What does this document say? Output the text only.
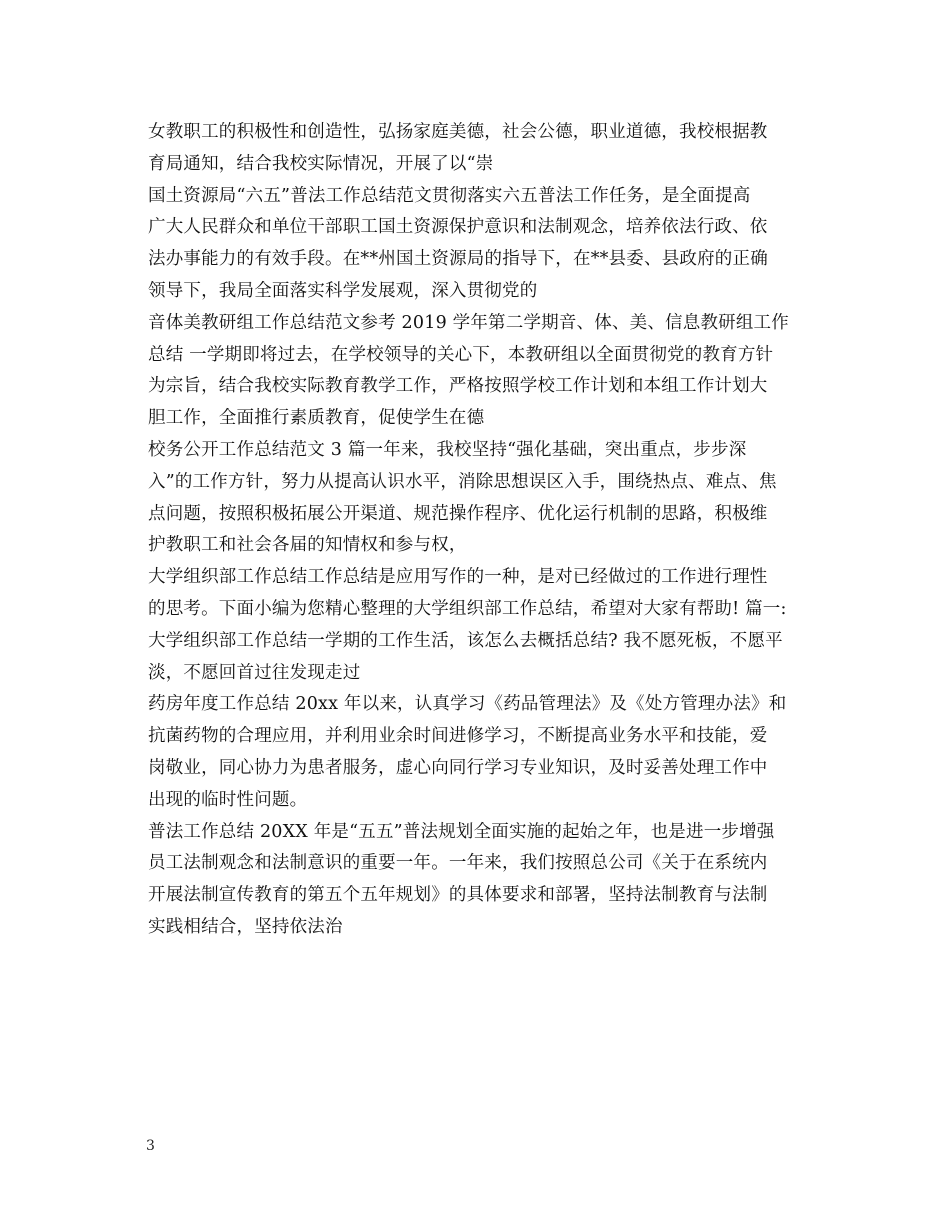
女教职工的积极性和创造性，弘扬家庭美德，社会公德，职业道德，我校根据教
育局通知，结合我校实际情况，开展了以“崇
国土资源局“六五”普法工作总结范文贯彻落实六五普法工作任务，是全面提高
广大人民群众和单位干部职工国土资源保护意识和法制观念，培养依法行政、依
法办事能力的有效手段。在**州国土资源局的指导下，在**县委、县政府的正确
领导下，我局全面落实科学发展观，深入贯彻党的
音体美教研组工作总结范文参考 2019 学年第二学期音、体、美、信息教研组工作
总结 一学期即将过去，在学校领导的关心下，本教研组以全面贯彻党的教育方针
为宗旨，结合我校实际教育教学工作，严格按照学校工作计划和本组工作计划大
胆工作，全面推行素质教育，促使学生在德
校务公开工作总结范文 3 篇一年来，我校坚持“强化基础，突出重点，步步深
入”的工作方针，努力从提高认识水平，消除思想误区入手，围绕热点、难点、焦
点问题，按照积极拓展公开渠道、规范操作程序、优化运行机制的思路，积极维
护教职工和社会各届的知情权和参与权，
大学组织部工作总结工作总结是应用写作的一种，是对已经做过的工作进行理性
的思考。下面小编为您精心整理的大学组织部工作总结，希望对大家有帮助! 篇一:
大学组织部工作总结一学期的工作生活，该怎么去概括总结? 我不愿死板，不愿平
淡，不愿回首过往发现走过
药房年度工作总结 20xx 年以来，认真学习《药品管理法》及《处方管理办法》和
抗菌药物的合理应用，并利用业余时间进修学习，不断提高业务水平和技能，爱
岗敬业，同心协力为患者服务，虚心向同行学习专业知识，及时妥善处理工作中
出现的临时性问题。
普法工作总结 20XX 年是“五五”普法规划全面实施的起始之年，也是进一步增强
员工法制观念和法制意识的重要一年。一年来，我们按照总公司《关于在系统内
开展法制宣传教育的第五个五年规划》的具体要求和部署，坚持法制教育与法制
实践相结合，坚持依法治
3
